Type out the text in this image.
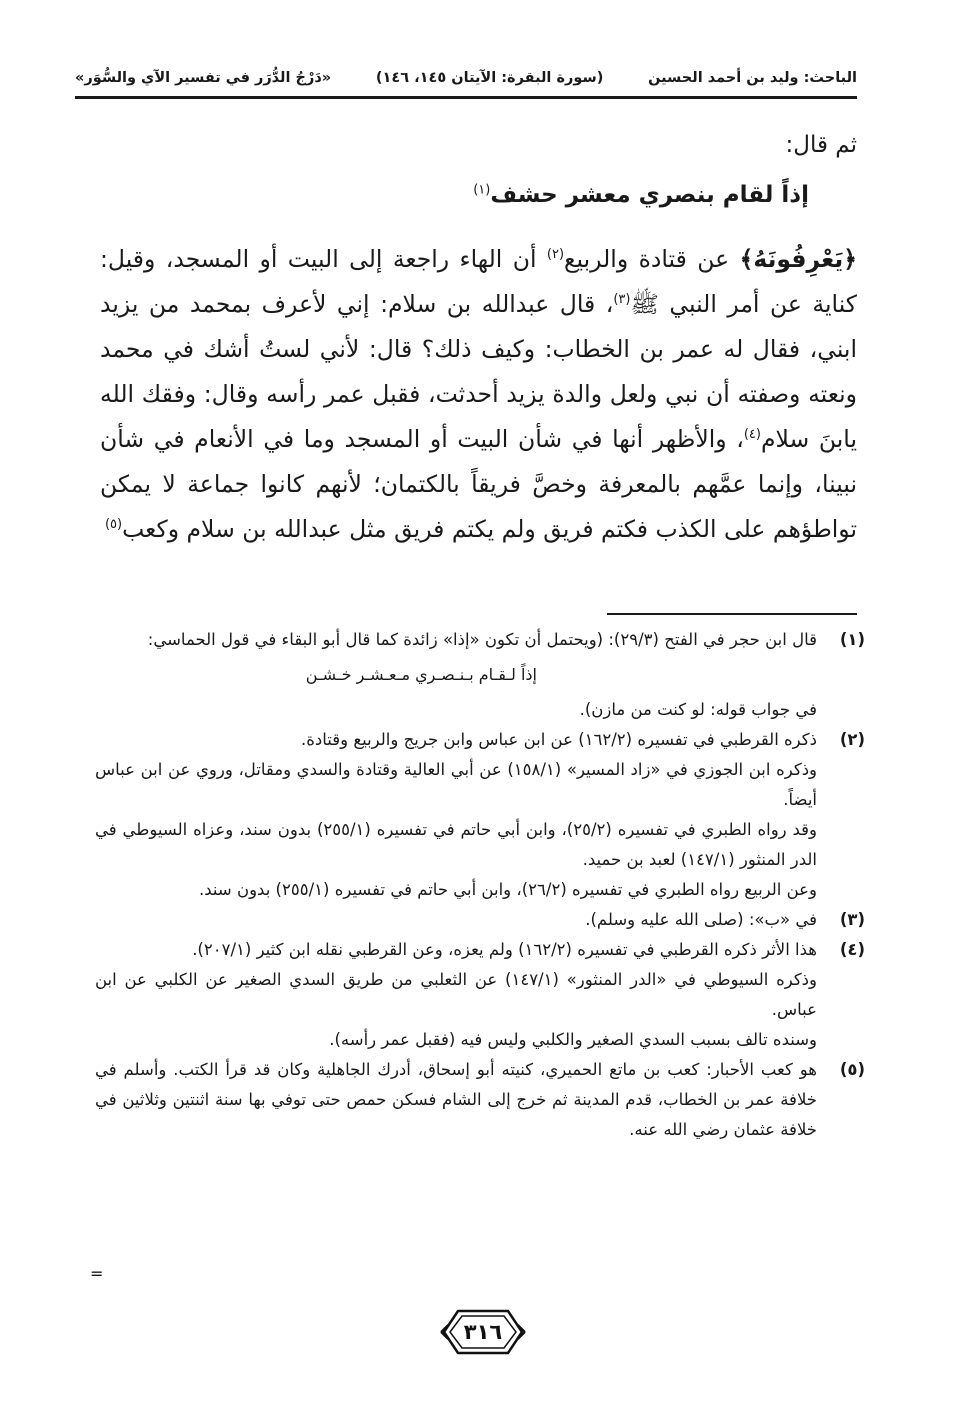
الباحث: وليد بن أحمد الحسين
(سورة البقرة: الآيتان ١٤٥، ١٤٦)
«دَرْجُ الدُّرَر في تفسير الآي والسُّوَر»
ثم قال:
إذاً لقام بنصري معشر حشف$^{(١)}$
﴿يَعْرِفُونَهُ﴾ عن قتادة والربيع$^{(٢)}$ أن الهاء راجعة إلى البيت أو المسجد، وقيل: كناية عن أمر النبي ﷺ$^{(٣)}$، قال عبدالله بن سلام: إني لأعرف بمحمد من يزيد ابني، فقال له عمر بن الخطاب: وكيف ذلك؟ قال: لأني لستُ أشك في محمد ونعته وصفته أن نبي ولعل والدة يزيد أحدثت، فقبل عمر رأسه وقال: وفقك الله يابنَ سلام$^{(٤)}$، والأظهر أنها في شأن البيت أو المسجد وما في الأنعام في شأن نبينا، وإنما عمَّهم بالمعرفة وخصَّ فريقاً بالكتمان؛ لأنهم كانوا جماعة لا يمكن تواطؤهم على الكذب فكتم فريق ولم يكتم فريق مثل عبدالله بن سلام وكعب$^{(٥)}$
(١)

قال ابن حجر في الفتح (٢٩/٣): (ويحتمل أن تكون «إذا» زائدة كما قال أبو البقاء في قول الحماسي:

إذاً لـقـام بـنـصـري مـعـشـر خـشـن

في جواب قوله: لو كنت من مازن).

(٢)

ذكره القرطبي في تفسيره (١٦٢/٢) عن ابن عباس وابن جريج والربيع وقتادة.

وذكره ابن الجوزي في «زاد المسير» (١٥٨/١) عن أبي العالية وقتادة والسدي ومقاتل، وروي عن ابن عباس أيضاً.

وقد رواه الطبري في تفسيره (٢٥/٢)، وابن أبي حاتم في تفسيره (٢٥٥/١) بدون سند، وعزاه السيوطي في الدر المنثور (١٤٧/١) لعبد بن حميد.

وعن الربيع رواه الطبري في تفسيره (٢٦/٢)، وابن أبي حاتم في تفسيره (٢٥٥/١) بدون سند.

(٣)

في «ب»: (صلى الله عليه وسلم).

(٤)

هذا الأثر ذكره القرطبي في تفسيره (١٦٢/٢) ولم يعزه، وعن القرطبي نقله ابن كثير (٢٠٧/١).

وذكره السيوطي في «الدر المنثور» (١٤٧/١) عن الثعلبي من طريق السدي الصغير عن الكلبي عن ابن عباس.

وسنده تالف بسبب السدي الصغير والكلبي وليس فيه (فقبل عمر رأسه).

(٥)

هو كعب الأحبار: كعب بن ماتع الحميري، كنيته أبو إسحاق، أدرك الجاهلية وكان قد قرأ الكتب. وأسلم في خلافة عمر بن الخطاب، قدم المدينة ثم خرج إلى الشام فسكن حمص حتى توفي بها سنة اثنتين وثلاثين في خلافة عثمان رضي الله عنه.

=
٣١٦
